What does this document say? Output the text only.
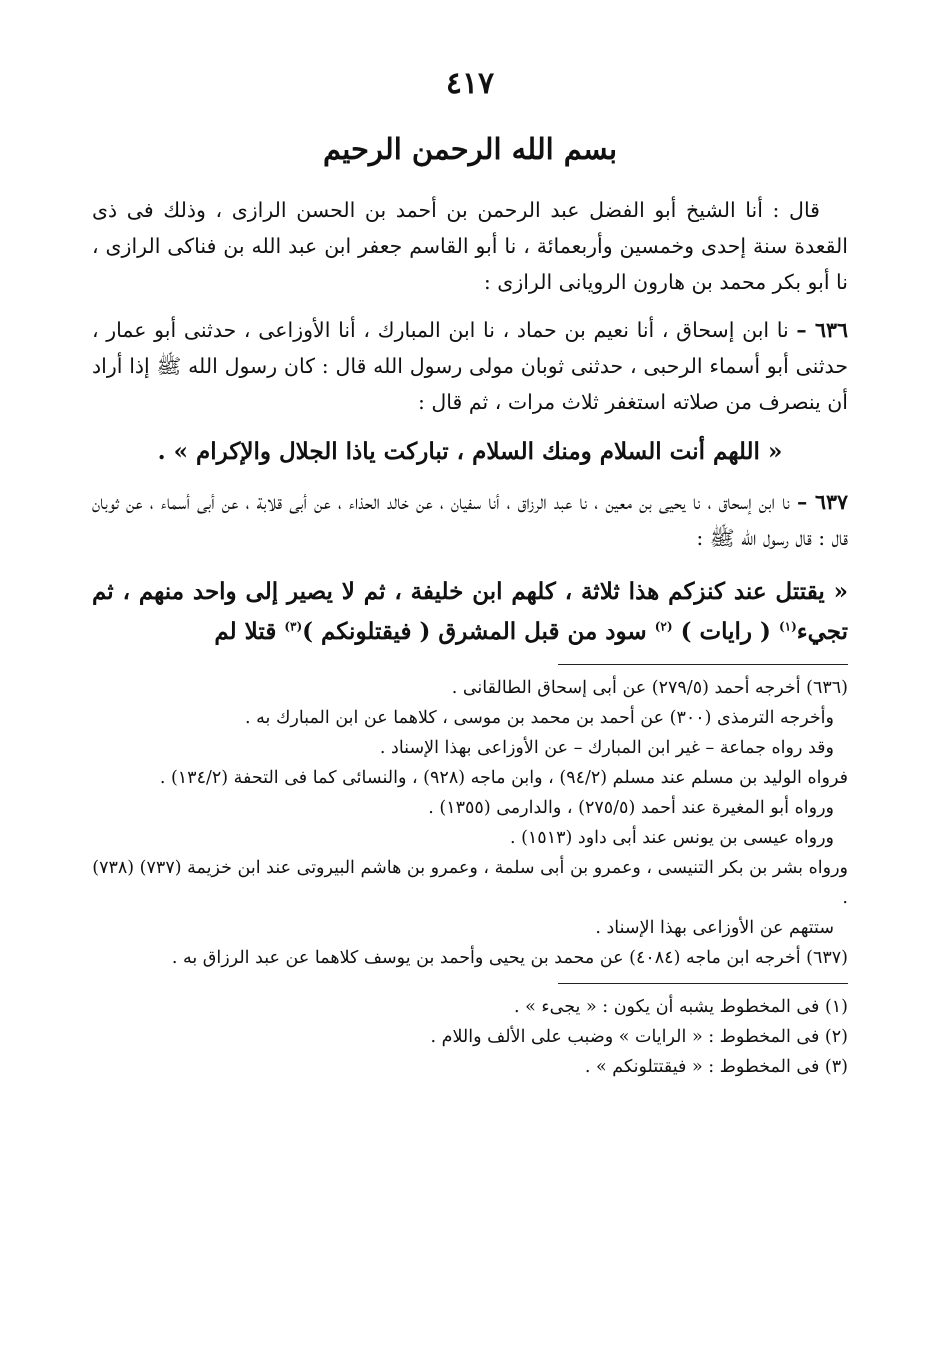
٤١٧
بسم الله الرحمن الرحيم
قال : أنا الشيخ أبو الفضل عبد الرحمن بن أحمد بن الحسن الرازى ، وذلك فى ذى القعدة سنة إحدى وخمسين وأربعمائة ، نا أبو القاسم جعفر ابن عبد الله بن فناكى الرازى ، نا أبو بكر محمد بن هارون الرويانى الرازى :
٦٣٦ – نا ابن إسحاق ، أنا نعيم بن حماد ، نا ابن المبارك ، أنا الأوزاعى ، حدثنى أبو عمار ، حدثنى أبو أسماء الرحبى ، حدثنى ثوبان مولى رسول الله قال : كان رسول الله ﷺ إذا أراد أن ينصرف من صلاته استغفر ثلاث مرات ، ثم قال :
« اللهم أنت السلام ومنك السلام ، تباركت ياذا الجلال والإكرام » .
٦٣٧ – نا ابن إسحاق ، نا يحيى بن معين ، نا عبد الرزاق ، أنا سفيان ، عن خالد الحذاء ، عن أبى قلابة ، عن أبى أسماء ، عن ثوبان قال : قال رسول الله ﷺ :
« يقتتل عند كنزكم هذا ثلاثة ، كلهم ابن خليفة ، ثم لا يصير إلى واحد منهم ، ثم تجيء$^{(١)}$ ( رايات ) $^{(٢)}$ سود من قبل المشرق ( فيقتلونكم )$^{(٣)}$ قتلا لم
(٦٣٦) أخرجه أحمد (٢٧٩/٥) عن أبى إسحاق الطالقانى .
وأخرجه الترمذى (٣٠٠) عن أحمد بن محمد بن موسى ، كلاهما عن ابن المبارك به .
وقد رواه جماعة – غير ابن المبارك – عن الأوزاعى بهذا الإسناد .
فرواه الوليد بن مسلم عند مسلم (٩٤/٢) ، وابن ماجه (٩٢٨) ، والنسائى كما فى التحفة (١٣٤/٢) .
ورواه أبو المغيرة عند أحمد (٢٧٥/٥) ، والدارمى (١٣٥٥) .
ورواه عيسى بن يونس عند أبى داود (١٥١٣) .
ورواه بشر بن بكر التنيسى ، وعمرو بن أبى سلمة ، وعمرو بن هاشم البيروتى عند ابن خزيمة (٧٣٧) (٧٣٨) .
ستتهم عن الأوزاعى بهذا الإسناد .
(٦٣٧) أخرجه ابن ماجه (٤٠٨٤) عن محمد بن يحيى وأحمد بن يوسف كلاهما عن عبد الرزاق به .
(١) فى المخطوط يشبه أن يكون : « يجىء » .
(٢) فى المخطوط : « الرايات » وضبب على الألف واللام .
(٣) فى المخطوط : « فيقتتلونكم » .
